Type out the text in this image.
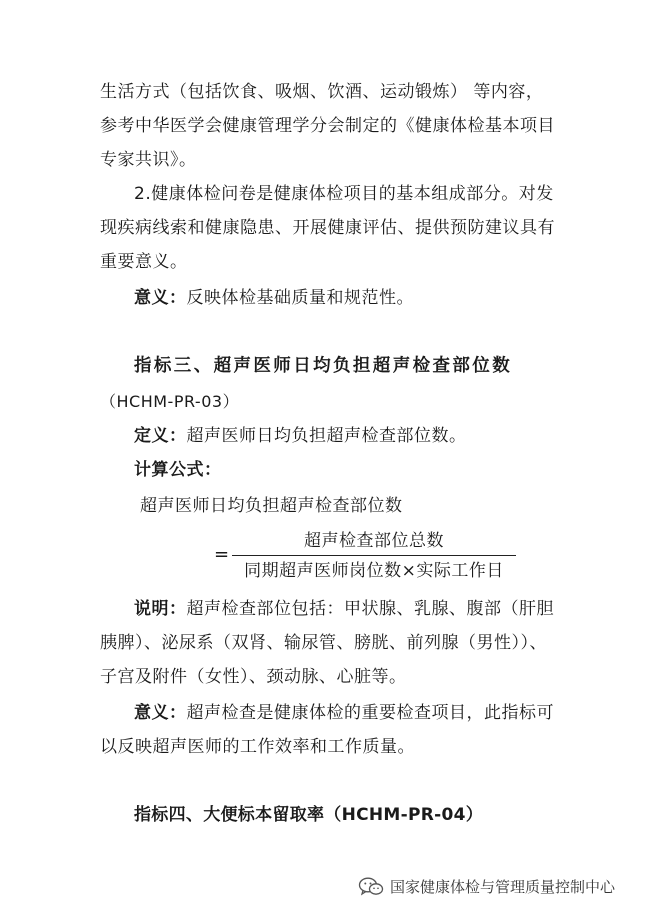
生活方式（包括饮食、吸烟、饮酒、运动锻炼） 等内容，
参考中华医学会健康管理学分会制定的《健康体检基本项目
专家共识》。
2.健康体检问卷是健康体检项目的基本组成部分。对发
现疾病线索和健康隐患、开展健康评估、提供预防建议具有
重要意义。
意义：反映体检基础质量和规范性。
指标三、超声医师日均负担超声检查部位数
（HCHM-PR-03）
定义：超声医师日均负担超声检查部位数。
计算公式：
超声医师日均负担超声检查部位数
=
超声检查部位总数
同期超声医师岗位数×实际工作日
说明：超声检查部位包括：甲状腺、乳腺、腹部（肝胆
胰脾）、泌尿系（双肾、输尿管、膀胱、前列腺（男性））、
子宫及附件（女性）、颈动脉、心脏等。
意义：超声检查是健康体检的重要检查项目，此指标可
以反映超声医师的工作效率和工作质量。
指标四、大便标本留取率（HCHM-PR-04）
国家健康体检与管理质量控制中心
